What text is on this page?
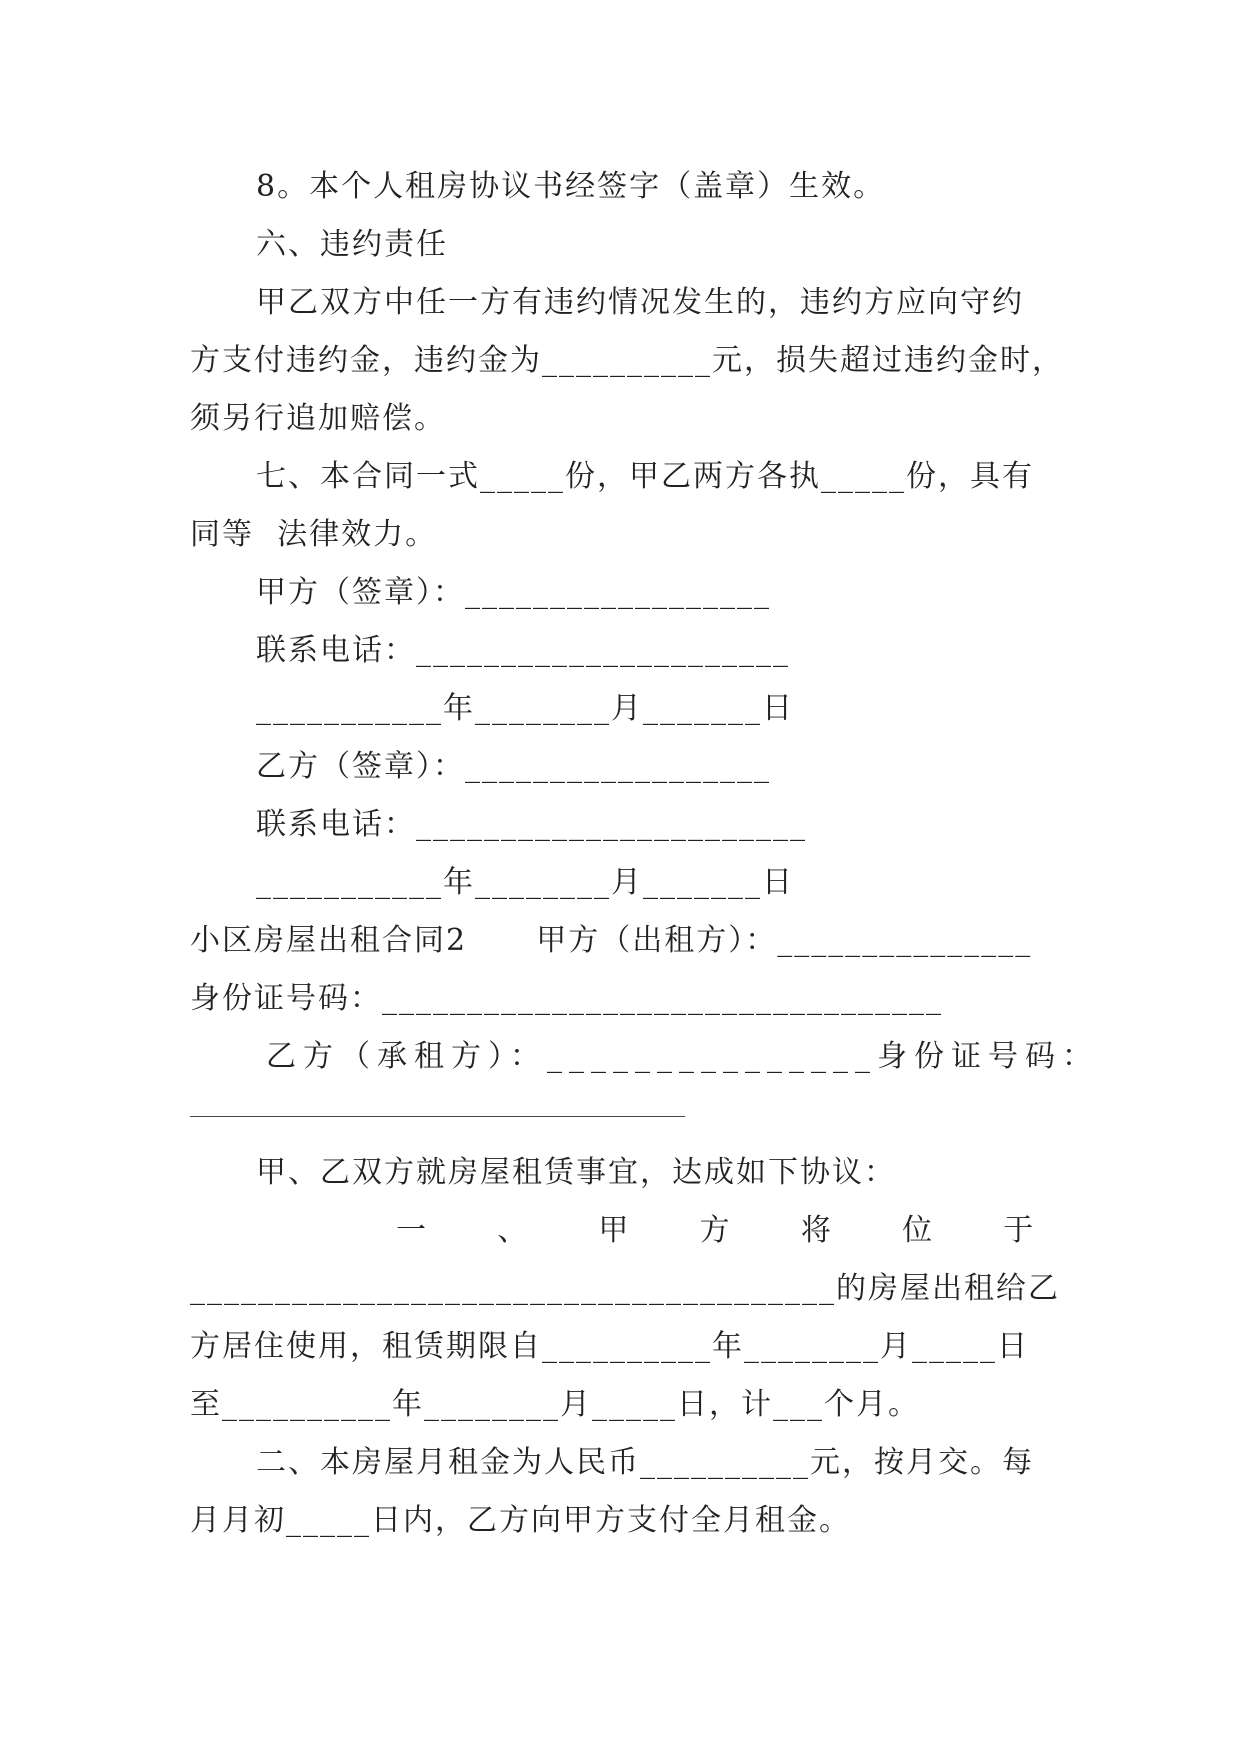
8。本个人租房协议书经签字（盖章）生效。
六、违约责任
甲乙双方中任一方有违约情况发生的，违约方应向守约
方支付违约金，违约金为__________元，损失超过违约金时，
须另行追加赔偿。
七、本合同一式_____份，甲乙两方各执_____份，具有
同等  法律效力。
甲方（签章）：__________________
联系电话：______________________
___________年________月_______日
乙方（签章）：__________________
联系电话：_______________________
___________年________月_______日
小区房屋出租合同2      甲方（出租方）：_______________
身份证号码：_________________________________
乙方（承租方）：_______________身份证号码：
甲、乙双方就房屋租赁事宜，达成如下协议：
一      、      甲      方      将      位      于
______________________________________的房屋出租给乙
方居住使用，租赁期限自__________年________月_____日
至__________年________月_____日，计___个月。
二、本房屋月租金为人民币__________元，按月交。每
月月初_____日内，乙方向甲方支付全月租金。
